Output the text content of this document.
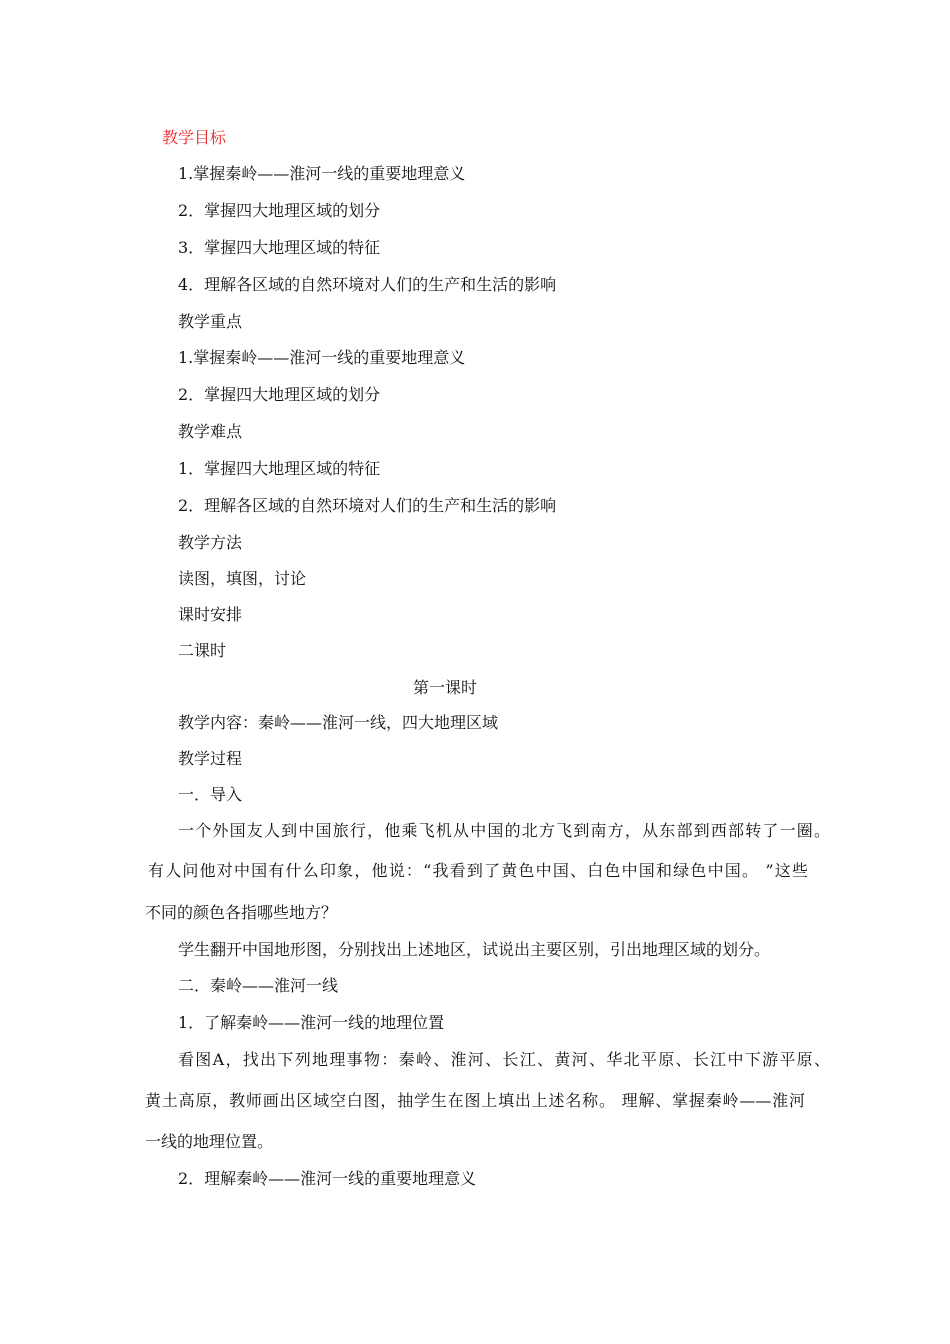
教学目标
1.掌握秦岭——淮河一线的重要地理意义
2．掌握四大地理区域的划分
3．掌握四大地理区域的特征
4．理解各区域的自然环境对人们的生产和生活的影响
教学重点
1.掌握秦岭——淮河一线的重要地理意义
2．掌握四大地理区域的划分
教学难点
1．掌握四大地理区域的特征
2．理解各区域的自然环境对人们的生产和生活的影响
教学方法
读图，填图，讨论
课时安排
二课时
第一课时
教学内容：秦岭——淮河一线，四大地理区域
教学过程
一．导入
一个外国友人到中国旅行，他乘飞机从中国的北方飞到南方，从东部到西部转了一圈。
有人问他对中国有什么印象，他说：“我看到了黄色中国、白色中国和绿色中国。 ”这些
不同的颜色各指哪些地方？
学生翻开中国地形图，分别找出上述地区，试说出主要区别，引出地理区域的划分。
二．秦岭——淮河一线
1．了解秦岭——淮河一线的地理位置
看图A，找出下列地理事物：秦岭、淮河、长江、黄河、华北平原、长江中下游平原、
黄土高原，教师画出区域空白图，抽学生在图上填出上述名称。 理解、掌握秦岭——淮河
一线的地理位置。
2．理解秦岭——淮河一线的重要地理意义
